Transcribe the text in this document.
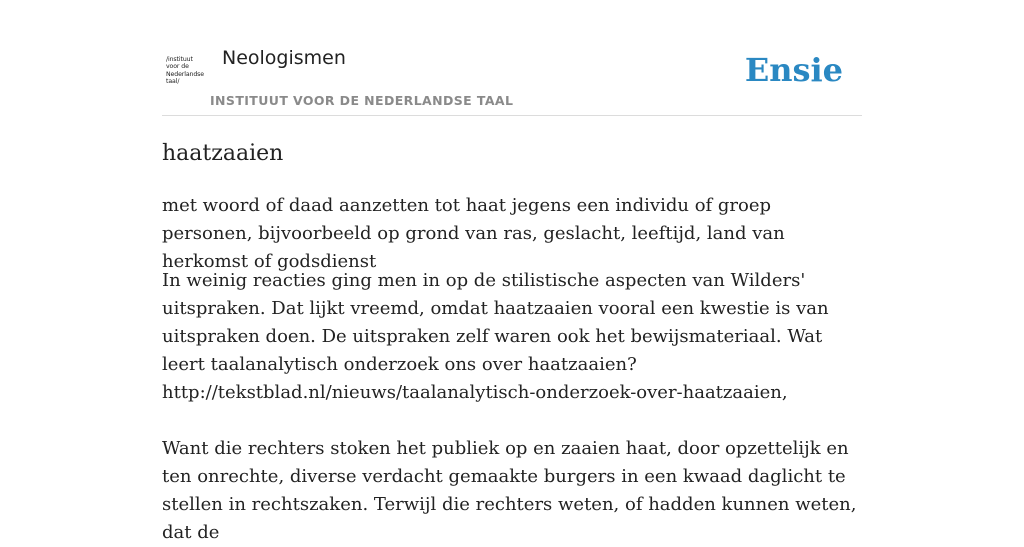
/instituut
voor de
Nederlandse
taal/
Neologismen
INSTITUUT VOOR DE NEDERLANDSE TAAL
Ensie
haatzaaien

met woord of daad aanzetten tot haat jegens een individu of groep personen, bijvoorbeeld op grond van ras, geslacht, leeftijd, land van herkomst of godsdienst

In weinig reacties ging men in op de stilistische aspecten van Wilders' uitspraken. Dat lijkt vreemd, omdat haatzaaien vooral een kwestie is van uitspraken doen. De uitspraken zelf waren ook het bewijsmateriaal. Wat leert taalanalytisch onderzoek ons over haatzaaien? http://tekstblad.nl/nieuws/taalanalytisch-onderzoek-over-haatzaaien,

Want die rechters stoken het publiek op en zaaien haat, door opzettelijk en ten onrechte, diverse verdacht gemaakte burgers in een kwaad daglicht te stellen in rechtszaken. Terwijl die rechters weten, of hadden kunnen weten, dat de
